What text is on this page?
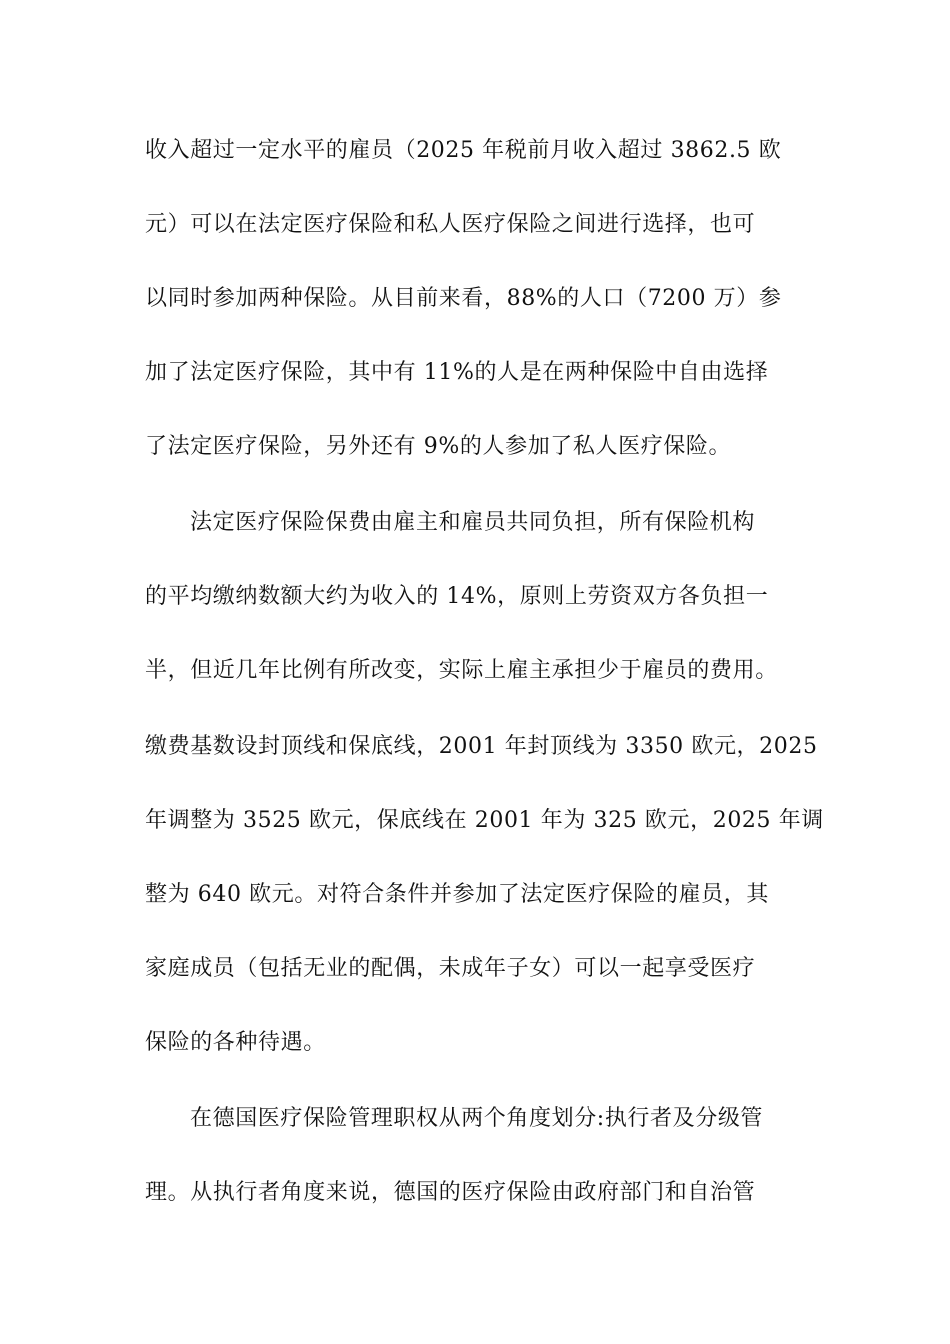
收入超过一定水平的雇员（2025 年税前月收入超过 3862.5 欧
元）可以在法定医疗保险和私人医疗保险之间进行选择，也可
以同时参加两种保险。从目前来看，88%的人口（7200 万）参
加了法定医疗保险，其中有 11%的人是在两种保险中自由选择
了法定医疗保险，另外还有 9%的人参加了私人医疗保险。
法定医疗保险保费由雇主和雇员共同负担，所有保险机构
的平均缴纳数额大约为收入的 14%，原则上劳资双方各负担一
半，但近几年比例有所改变，实际上雇主承担少于雇员的费用。
缴费基数设封顶线和保底线，2001 年封顶线为 3350 欧元，2025
年调整为 3525 欧元，保底线在 2001 年为 325 欧元，2025 年调
整为 640 欧元。对符合条件并参加了法定医疗保险的雇员，其
家庭成员（包括无业的配偶，未成年子女）可以一起享受医疗
保险的各种待遇。
在德国医疗保险管理职权从两个角度划分:执行者及分级管
理。从执行者角度来说，德国的医疗保险由政府部门和自治管
